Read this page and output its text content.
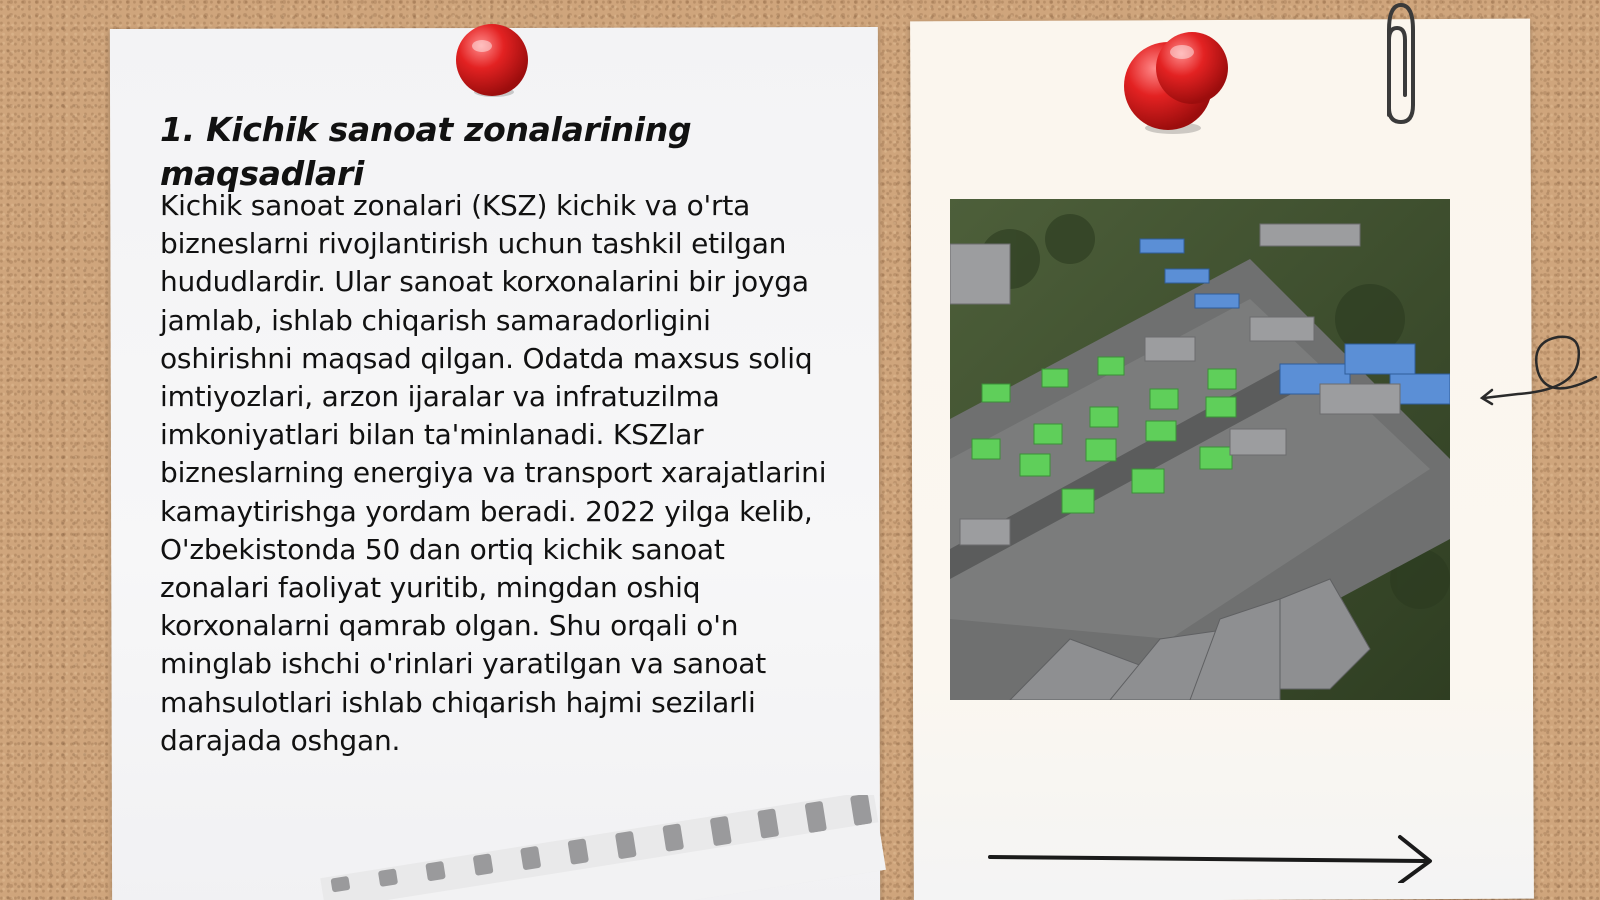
1. Kichik sanoat zonalarining maqsadlari

Kichik sanoat zonalari (KSZ) kichik va o'rta bizneslarni rivojlantirish uchun tashkil etilgan hududlardir. Ular sanoat korxonalarini bir joyga jamlab, ishlab chiqarish samaradorligini oshirishni maqsad qilgan. Odatda maxsus soliq imtiyozlari, arzon ijaralar va infratuzilma imkoniyatlari bilan ta'minlanadi. KSZlar bizneslarning energiya va transport xarajatlarini kamaytirishga yordam beradi. 2022 yilga kelib, O'zbekistonda 50 dan ortiq kichik sanoat zonalari faoliyat yuritib, mingdan oshiq korxonalarni qamrab olgan. Shu orqali o'n minglab ishchi o'rinlari yaratilgan va sanoat mahsulotlari ishlab chiqarish hajmi sezilarli darajada oshgan.
